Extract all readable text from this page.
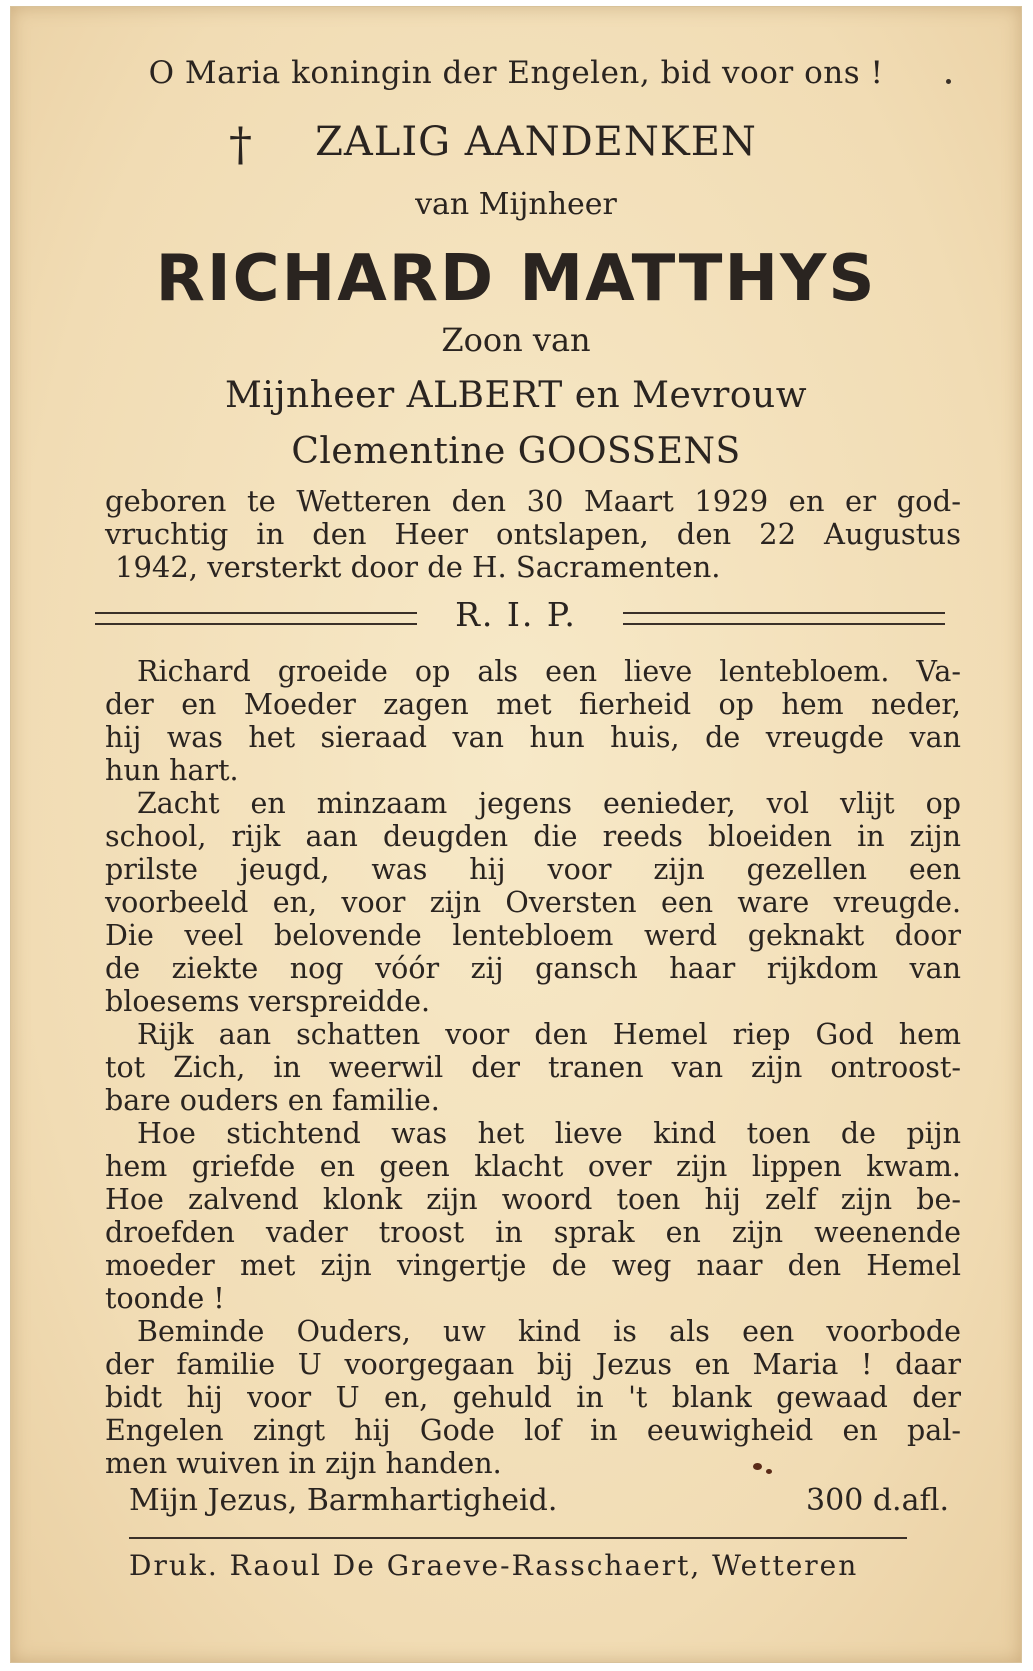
O Maria koningin der Engelen, bid voor ons !
†	ZALIG AANDENKEN
van Mijnheer
RICHARD MATTHYS
Zoon van
Mijnheer ALBERT en Mevrouw
Clementine GOOSSENS
geboren te Wetteren den 30 Maart 1929 en er god-
vruchtig in den Heer ontslapen, den 22 Augustus
1942, versterkt door de H. Sacramenten.
R. I. P.
Richard groeide op als een lieve lentebloem. Va-
der en Moeder zagen met fierheid op hem neder,
hij was het sieraad van hun huis, de vreugde van
hun hart.
Zacht en minzaam jegens eenieder, vol vlijt op
school, rijk aan deugden die reeds bloeiden in zijn
prilste jeugd, was hij voor zijn gezellen een
voorbeeld en, voor zijn Oversten een ware vreugde.
Die veel belovende lentebloem werd geknakt door
de ziekte nog vóór zij gansch haar rijkdom van
bloesems verspreidde.
Rijk aan schatten voor den Hemel riep God hem
tot Zich, in weerwil der tranen van zijn ontroost-
bare ouders en familie.
Hoe stichtend was het lieve kind toen de pijn
hem griefde en geen klacht over zijn lippen kwam.
Hoe zalvend klonk zijn woord toen hij zelf zijn be-
droefden vader troost in sprak en zijn weenende
moeder met zijn vingertje de weg naar den Hemel
toonde !
Beminde Ouders, uw kind is als een voorbode
der familie U voorgegaan bij Jezus en Maria ! daar
bidt hij voor U en, gehuld in 't blank gewaad der
Engelen zingt hij Gode lof in eeuwigheid en pal-
men wuiven in zijn handen.
Mijn Jezus, Barmhartigheid.	300 d.afl.
Druk. Raoul De Graeve-Rasschaert, Wetteren
